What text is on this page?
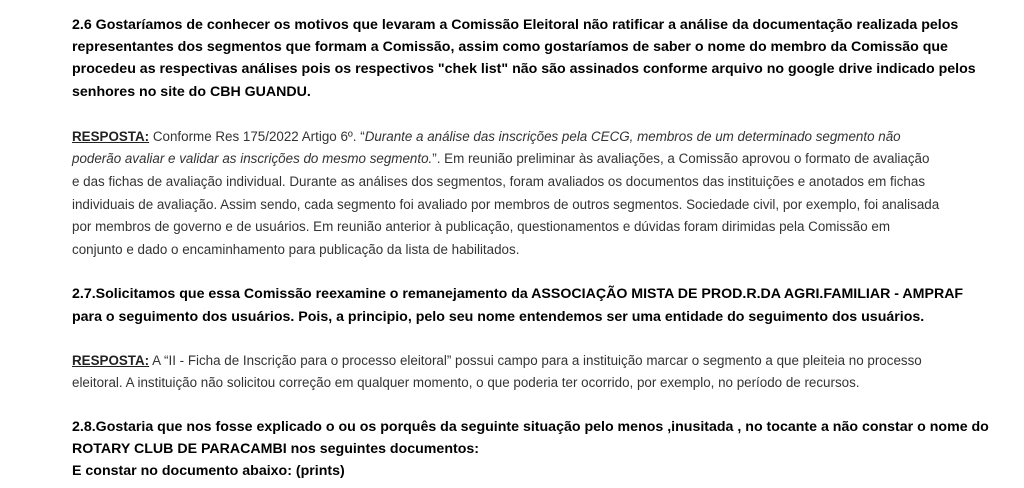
2.6 Gostaríamos de conhecer os motivos que levaram a Comissão Eleitoral não ratificar a análise da documentação realizada pelos
representantes dos segmentos que formam a Comissão, assim como gostaríamos de saber o nome do membro da Comissão que
procedeu as respectivas análises pois os respectivos "chek list" não são assinados conforme arquivo no google drive indicado pelos
senhores no site do CBH GUANDU.

RESPOSTA: Conforme Res 175/2022 Artigo 6º. “Durante a análise das inscrições pela CECG, membros de um determinado segmento não
poderão avaliar e validar as inscrições do mesmo segmento.”. Em reunião preliminar às avaliações, a Comissão aprovou o formato de avaliação
e das fichas de avaliação individual. Durante as análises dos segmentos, foram avaliados os documentos das instituições e anotados em fichas
individuais de avaliação. Assim sendo, cada segmento foi avaliado por membros de outros segmentos. Sociedade civil, por exemplo, foi analisada
por membros de governo e de usuários. Em reunião anterior à publicação, questionamentos e dúvidas foram dirimidas pela Comissão em
conjunto e dado o encaminhamento para publicação da lista de habilitados.

2.7.Solicitamos que essa Comissão reexamine o remanejamento da ASSOCIAÇÃO MISTA DE PROD.R.DA AGRI.FAMILIAR - AMPRAF
para o seguimento dos usuários. Pois, a principio, pelo seu nome entendemos ser uma entidade do seguimento dos usuários.

RESPOSTA: A “II - Ficha de Inscrição para o processo eleitoral” possui campo para a instituição marcar o segmento a que pleiteia no processo
eleitoral. A instituição não solicitou correção em qualquer momento, o que poderia ter ocorrido, por exemplo, no período de recursos.

2.8.Gostaria que nos fosse explicado o ou os porquês da seguinte situação pelo menos ,inusitada , no tocante a não constar o nome do
ROTARY CLUB DE PARACAMBI nos seguintes documentos:
E constar no documento abaixo: (prints)
